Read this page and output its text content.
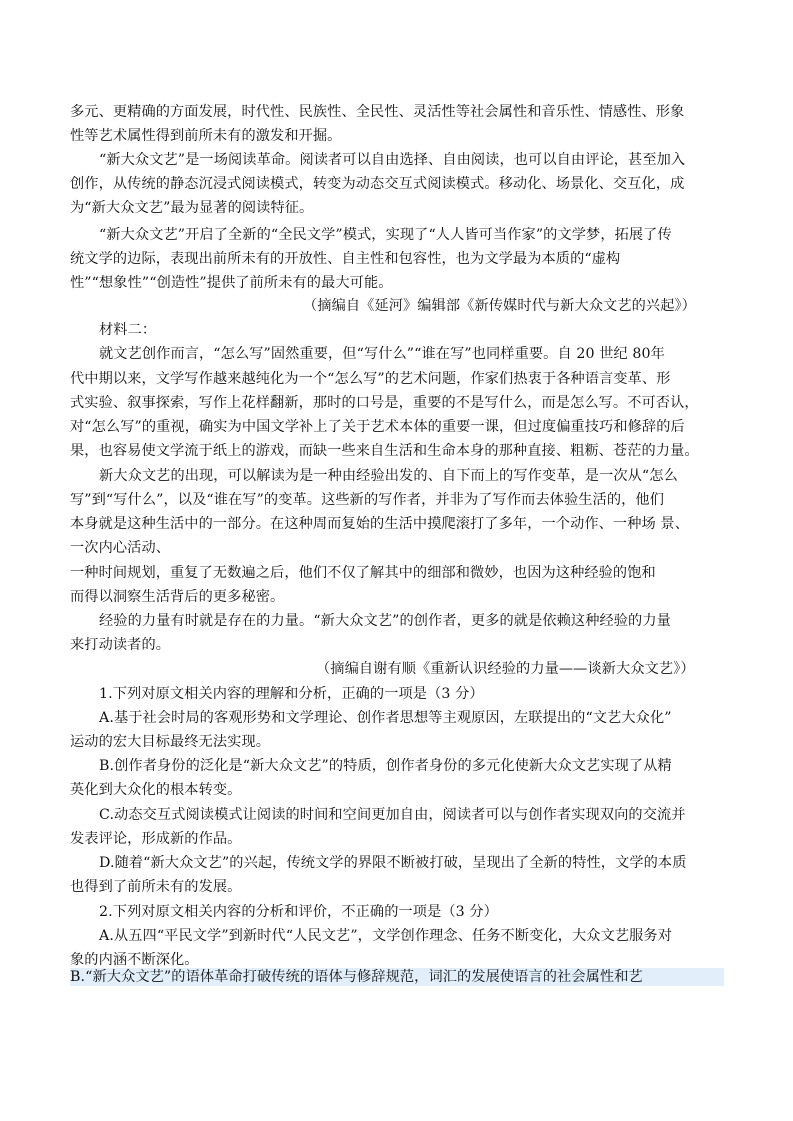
多元、更精确的方面发展，时代性、民族性、全民性、灵活性等社会属性和音乐性、情感性、形象
性等艺术属性得到前所未有的激发和开掘。
“新大众文艺”是一场阅读革命。阅读者可以自由选择、自由阅读，也可以自由评论，甚至加入
创作，从传统的静态沉浸式阅读模式，转变为动态交互式阅读模式。移动化、场景化、交互化，成
为“新大众文艺”最为显著的阅读特征。
“新大众文艺”开启了全新的“全民文学”模式，实现了“人人皆可当作家”的文学梦，拓展了传
统文学的边际，表现出前所未有的开放性、自主性和包容性，也为文学最为本质的“虚构
性”“想象性”“创造性”提供了前所未有的最大可能。
（摘编自《延河》编辑部《新传媒时代与新大众文艺的兴起》）
材料二：
就文艺创作而言，“怎么写”固然重要，但“写什么”“谁在写”也同样重要。自 20 世纪 80年
代中期以来，文学写作越来越纯化为一个“怎么写”的艺术问题，作家们热衷于各种语言变革、形
式实验、叙事探索，写作上花样翻新，那时的口号是，重要的不是写什么，而是怎么写。不可否认，
对“怎么写”的重视，确实为中国文学补上了关于艺术本体的重要一课，但过度偏重技巧和修辞的后
果，也容易使文学流于纸上的游戏，而缺一些来自生活和生命本身的那种直接、粗粝、苍茫的力量。
新大众文艺的出现，可以解读为是一种由经验出发的、自下而上的写作变革，是一次从“怎么
写”到“写什么”，以及“谁在写”的变革。这些新的写作者，并非为了写作而去体验生活的，他们
本身就是这种生活中的一部分。在这种周而复始的生活中摸爬滚打了多年，一个动作、一种场 景、
一次内心活动、
一种时间规划，重复了无数遍之后，他们不仅了解其中的细部和微妙，也因为这种经验的饱和
而得以洞察生活背后的更多秘密。
经验的力量有时就是存在的力量。“新大众文艺”的创作者，更多的就是依赖这种经验的力量
来打动读者的。
（摘编自谢有顺《重新认识经验的力量——谈新大众文艺》）
1.下列对原文相关内容的理解和分析，正确的一项是（3 分）
A.基于社会时局的客观形势和文学理论、创作者思想等主观原因，左联提出的“文艺大众化”
运动的宏大目标最终无法实现。
B.创作者身份的泛化是“新大众文艺”的特质，创作者身份的多元化使新大众文艺实现了从精
英化到大众化的根本转变。
C.动态交互式阅读模式让阅读的时间和空间更加自由，阅读者可以与创作者实现双向的交流并
发表评论，形成新的作品。
D.随着“新大众文艺”的兴起，传统文学的界限不断被打破，呈现出了全新的特性，文学的本质
也得到了前所未有的发展。
2.下列对原文相关内容的分析和评价，不正确的一项是（3 分）
A.从五四“平民文学”到新时代“人民文艺”，文学创作理念、任务不断变化，大众文艺服务对
象的内涵不断深化。
B.“新大众文艺”的语体革命打破传统的语体与修辞规范，词汇的发展使语言的社会属性和艺
